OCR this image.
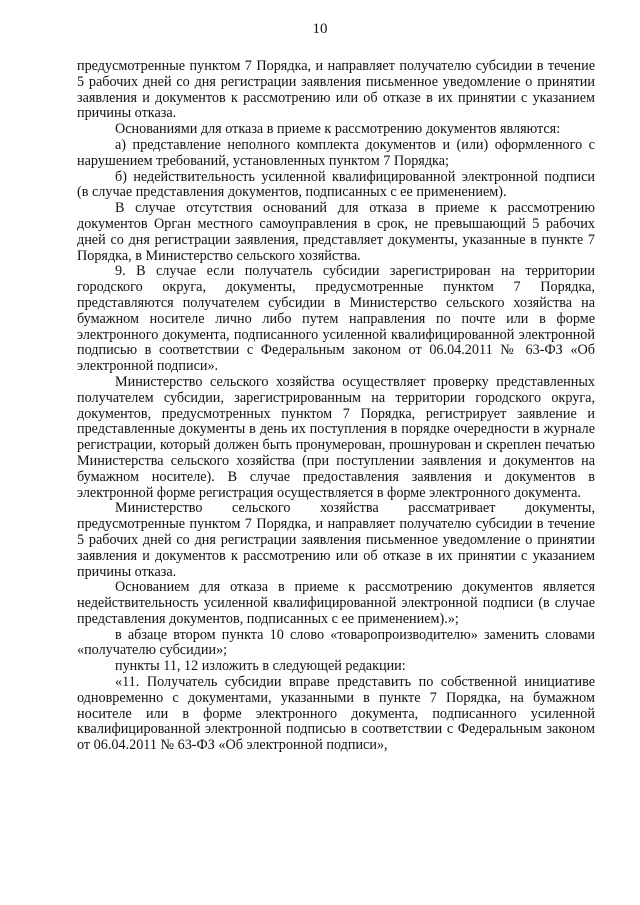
10

предусмотренные пунктом 7 Порядка, и направляет получателю субсидии в течение 5 рабочих дней со дня регистрации заявления письменное уведомление о принятии заявления и документов к рассмотрению или об отказе в их принятии с указанием причины отказа.

Основаниями для отказа в приеме к рассмотрению документов являются:

а) представление неполного комплекта документов и (или) оформленного с нарушением требований, установленных пунктом 7 Порядка;

б) недействительность усиленной квалифицированной электронной подписи (в случае представления документов, подписанных с ее применением).

В случае отсутствия оснований для отказа в приеме к рассмотрению документов Орган местного самоуправления в срок, не превышающий 5 рабочих дней со дня регистрации заявления, представляет документы, указанные в пункте 7 Порядка, в Министерство сельского хозяйства.

9. В случае если получатель субсидии зарегистрирован на территории городского округа, документы, предусмотренные пунктом 7 Порядка, представляются получателем субсидии в Министерство сельского хозяйства на бумажном носителе лично либо путем направления по почте или в форме электронного документа, подписанного усиленной квалифицированной электронной подписью в соответствии с Федеральным законом от 06.04.2011 № 63-ФЗ «Об электронной подписи».

Министерство сельского хозяйства осуществляет проверку представленных получателем субсидии, зарегистрированным на территории городского округа, документов, предусмотренных пунктом 7 Порядка, регистрирует заявление и представленные документы в день их поступления в порядке очередности в журнале регистрации, который должен быть пронумерован, прошнурован и скреплен печатью Министерства сельского хозяйства (при поступлении заявления и документов на бумажном носителе). В случае предоставления заявления и документов в электронной форме регистрация осуществляется в форме электронного документа.

Министерство сельского хозяйства рассматривает документы, предусмотренные пунктом 7 Порядка, и направляет получателю субсидии в течение 5 рабочих дней со дня регистрации заявления письменное уведомление о принятии заявления и документов к рассмотрению или об отказе в их принятии с указанием причины отказа.

Основанием для отказа в приеме к рассмотрению документов является недействительность усиленной квалифицированной электронной подписи (в случае представления документов, подписанных с ее применением).»;

в абзаце втором пункта 10 слово «товаропроизводителю» заменить словами «получателю субсидии»;

пункты 11, 12 изложить в следующей редакции:

«11. Получатель субсидии вправе представить по собственной инициативе одновременно с документами, указанными в пункте 7 Порядка, на бумажном носителе или в форме электронного документа, подписанного усиленной квалифицированной электронной подписью в соответствии с Федеральным законом от 06.04.2011 № 63-ФЗ «Об электронной подписи»,
